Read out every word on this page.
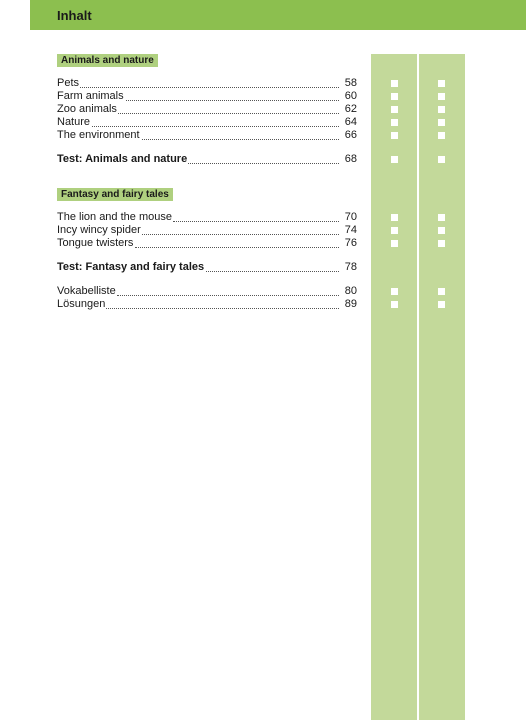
Inhalt
Animals and nature
Fantasy and fairy tales
Pets	58
Farm animals	60
Zoo animals	62
Nature	64
The environment	66
Test: Animals and nature	68
The lion and the mouse	70
Incy wincy spider	74
Tongue twisters	76
Test: Fantasy and fairy tales	78
Vokabelliste	80
Lösungen	89
